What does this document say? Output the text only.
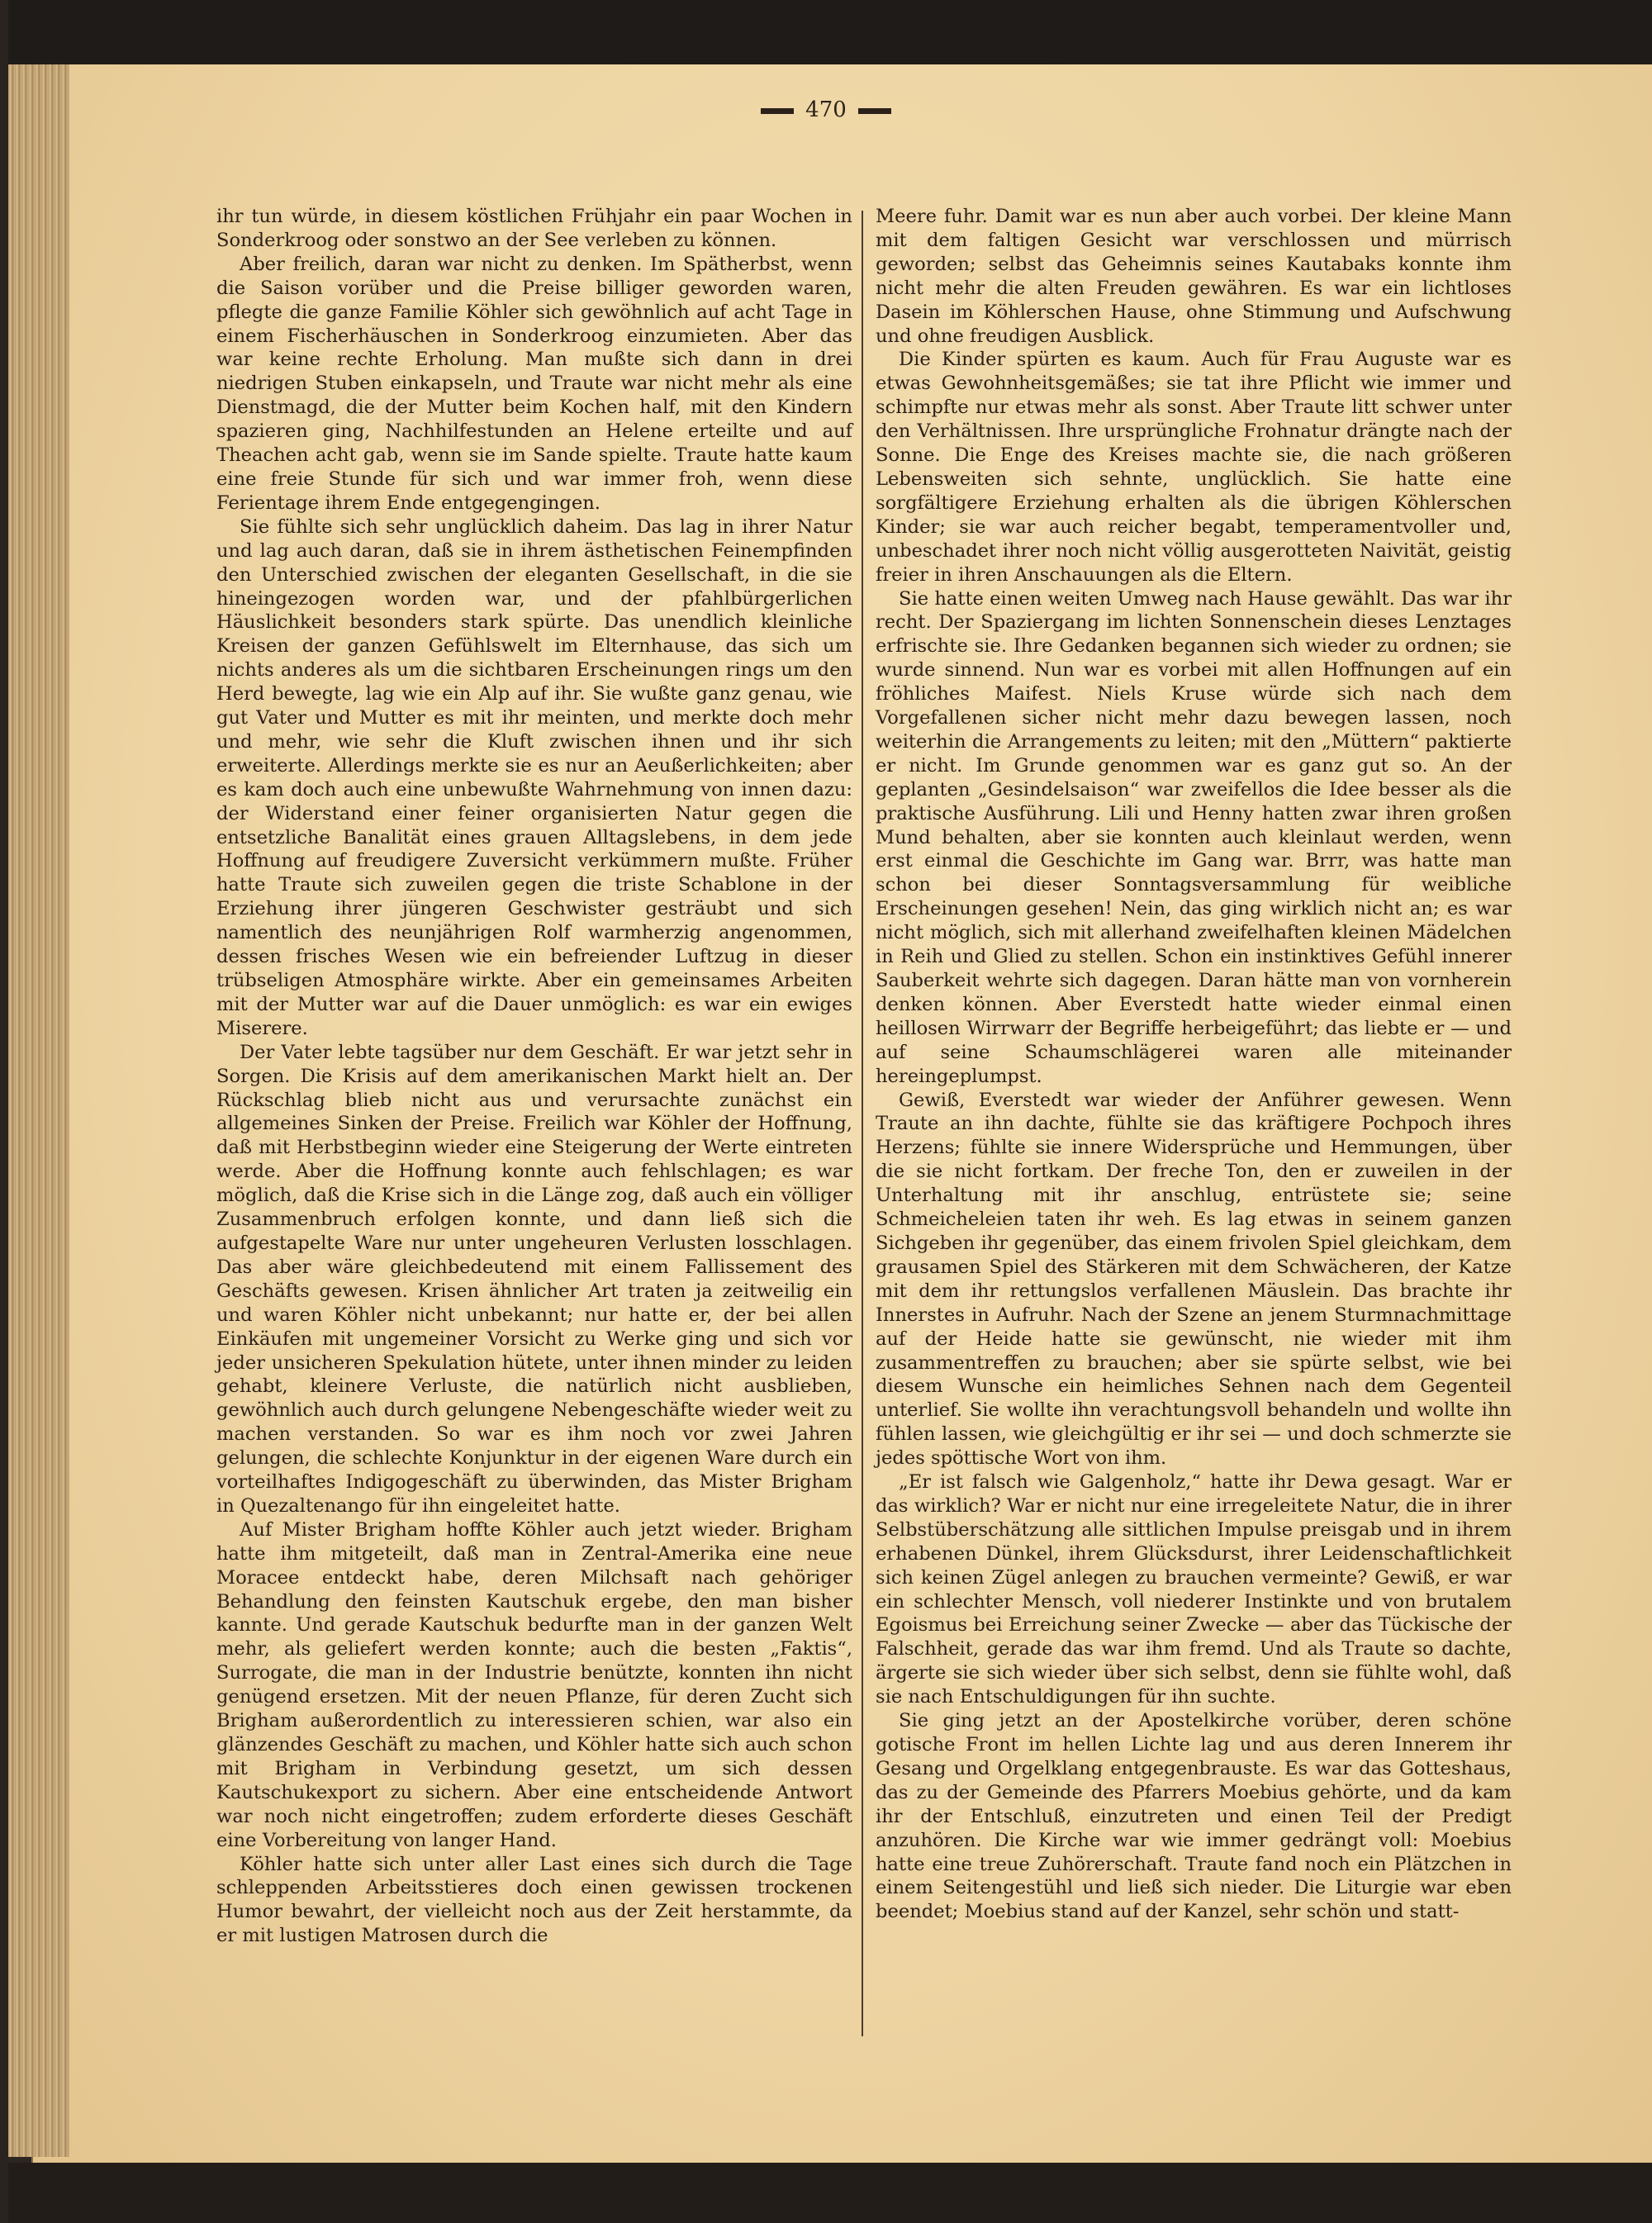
470

ihr tun würde, in diesem köstlichen Frühjahr ein paar Wochen in Sonderkroog oder sonstwo an der See verleben zu können.

Aber freilich, daran war nicht zu denken. Im Spätherbst, wenn die Saison vorüber und die Preise billiger geworden waren, pflegte die ganze Familie Köhler sich gewöhnlich auf acht Tage in einem Fischerhäuschen in Sonderkroog einzumieten. Aber das war keine rechte Erholung. Man mußte sich dann in drei niedrigen Stuben einkapseln, und Traute war nicht mehr als eine Dienstmagd, die der Mutter beim Kochen half, mit den Kindern spazieren ging, Nachhilfestunden an Helene erteilte und auf Theachen acht gab, wenn sie im Sande spielte. Traute hatte kaum eine freie Stunde für sich und war immer froh, wenn diese Ferientage ihrem Ende entgegengingen.

Sie fühlte sich sehr unglücklich daheim. Das lag in ihrer Natur und lag auch daran, daß sie in ihrem ästhetischen Feinempfinden den Unterschied zwischen der eleganten Gesellschaft, in die sie hineingezogen worden war, und der pfahlbürgerlichen Häuslichkeit besonders stark spürte. Das unendlich kleinliche Kreisen der ganzen Gefühlswelt im Elternhause, das sich um nichts anderes als um die sichtbaren Erscheinungen rings um den Herd bewegte, lag wie ein Alp auf ihr. Sie wußte ganz genau, wie gut Vater und Mutter es mit ihr meinten, und merkte doch mehr und mehr, wie sehr die Kluft zwischen ihnen und ihr sich erweiterte. Allerdings merkte sie es nur an Aeußerlichkeiten; aber es kam doch auch eine unbewußte Wahrnehmung von innen dazu: der Widerstand einer feiner organisierten Natur gegen die entsetzliche Banalität eines grauen Alltagslebens, in dem jede Hoffnung auf freudigere Zuversicht verkümmern mußte. Früher hatte Traute sich zuweilen gegen die triste Schablone in der Erziehung ihrer jüngeren Geschwister gesträubt und sich namentlich des neunjährigen Rolf warmherzig angenommen, dessen frisches Wesen wie ein befreiender Luftzug in dieser trübseligen Atmosphäre wirkte. Aber ein gemeinsames Arbeiten mit der Mutter war auf die Dauer unmöglich: es war ein ewiges Miserere.

Der Vater lebte tagsüber nur dem Geschäft. Er war jetzt sehr in Sorgen. Die Krisis auf dem amerikanischen Markt hielt an. Der Rückschlag blieb nicht aus und verursachte zunächst ein allgemeines Sinken der Preise. Freilich war Köhler der Hoffnung, daß mit Herbstbeginn wieder eine Steigerung der Werte eintreten werde. Aber die Hoffnung konnte auch fehlschlagen; es war möglich, daß die Krise sich in die Länge zog, daß auch ein völliger Zusammenbruch erfolgen konnte, und dann ließ sich die aufgestapelte Ware nur unter ungeheuren Verlusten losschlagen. Das aber wäre gleichbedeutend mit einem Fallissement des Geschäfts gewesen. Krisen ähnlicher Art traten ja zeitweilig ein und waren Köhler nicht unbekannt; nur hatte er, der bei allen Einkäufen mit ungemeiner Vorsicht zu Werke ging und sich vor jeder unsicheren Spekulation hütete, unter ihnen minder zu leiden gehabt, kleinere Verluste, die natürlich nicht ausblieben, gewöhnlich auch durch gelungene Nebengeschäfte wieder weit zu machen verstanden. So war es ihm noch vor zwei Jahren gelungen, die schlechte Konjunktur in der eigenen Ware durch ein vorteilhaftes Indigogeschäft zu überwinden, das Mister Brigham in Quezaltenango für ihn eingeleitet hatte.

Auf Mister Brigham hoffte Köhler auch jetzt wieder. Brigham hatte ihm mitgeteilt, daß man in Zentral-Amerika eine neue Moracee entdeckt habe, deren Milchsaft nach gehöriger Behandlung den feinsten Kautschuk ergebe, den man bisher kannte. Und gerade Kautschuk bedurfte man in der ganzen Welt mehr, als geliefert werden konnte; auch die besten „Faktis“, Surrogate, die man in der Industrie benützte, konnten ihn nicht genügend ersetzen. Mit der neuen Pflanze, für deren Zucht sich Brigham außerordentlich zu interessieren schien, war also ein glänzendes Geschäft zu machen, und Köhler hatte sich auch schon mit Brigham in Verbindung gesetzt, um sich dessen Kautschukexport zu sichern. Aber eine entscheidende Antwort war noch nicht eingetroffen; zudem erforderte dieses Geschäft eine Vorbereitung von langer Hand.

Köhler hatte sich unter aller Last eines sich durch die Tage schleppenden Arbeitsstieres doch einen gewissen trockenen Humor bewahrt, der vielleicht noch aus der Zeit herstammte, da er mit lustigen Matrosen durch die

Meere fuhr. Damit war es nun aber auch vorbei. Der kleine Mann mit dem faltigen Gesicht war verschlossen und mürrisch geworden; selbst das Geheimnis seines Kautabaks konnte ihm nicht mehr die alten Freuden gewähren. Es war ein lichtloses Dasein im Köhlerschen Hause, ohne Stimmung und Aufschwung und ohne freudigen Ausblick.

Die Kinder spürten es kaum. Auch für Frau Auguste war es etwas Gewohnheitsgemäßes; sie tat ihre Pflicht wie immer und schimpfte nur etwas mehr als sonst. Aber Traute litt schwer unter den Verhältnissen. Ihre ursprüngliche Frohnatur drängte nach der Sonne. Die Enge des Kreises machte sie, die nach größeren Lebensweiten sich sehnte, unglücklich. Sie hatte eine sorgfältigere Erziehung erhalten als die übrigen Köhlerschen Kinder; sie war auch reicher begabt, temperamentvoller und, unbeschadet ihrer noch nicht völlig ausgerotteten Naivität, geistig freier in ihren Anschauungen als die Eltern.

Sie hatte einen weiten Umweg nach Hause gewählt. Das war ihr recht. Der Spaziergang im lichten Sonnenschein dieses Lenztages erfrischte sie. Ihre Gedanken begannen sich wieder zu ordnen; sie wurde sinnend. Nun war es vorbei mit allen Hoffnungen auf ein fröhliches Maifest. Niels Kruse würde sich nach dem Vorgefallenen sicher nicht mehr dazu bewegen lassen, noch weiterhin die Arrangements zu leiten; mit den „Müttern“ paktierte er nicht. Im Grunde genommen war es ganz gut so. An der geplanten „Gesindelsaison“ war zweifellos die Idee besser als die praktische Ausführung. Lili und Henny hatten zwar ihren großen Mund behalten, aber sie konnten auch kleinlaut werden, wenn erst einmal die Geschichte im Gang war. Brrr, was hatte man schon bei dieser Sonntagsversammlung für weibliche Erscheinungen gesehen! Nein, das ging wirklich nicht an; es war nicht möglich, sich mit allerhand zweifelhaften kleinen Mädelchen in Reih und Glied zu stellen. Schon ein instinktives Gefühl innerer Sauberkeit wehrte sich dagegen. Daran hätte man von vornherein denken können. Aber Everstedt hatte wieder einmal einen heillosen Wirrwarr der Begriffe herbeigeführt; das liebte er — und auf seine Schaumschlägerei waren alle miteinander hereingeplumpst.

Gewiß, Everstedt war wieder der Anführer gewesen. Wenn Traute an ihn dachte, fühlte sie das kräftigere Pochpoch ihres Herzens; fühlte sie innere Widersprüche und Hemmungen, über die sie nicht fortkam. Der freche Ton, den er zuweilen in der Unterhaltung mit ihr anschlug, entrüstete sie; seine Schmeicheleien taten ihr weh. Es lag etwas in seinem ganzen Sichgeben ihr gegenüber, das einem frivolen Spiel gleichkam, dem grausamen Spiel des Stärkeren mit dem Schwächeren, der Katze mit dem ihr rettungslos verfallenen Mäuslein. Das brachte ihr Innerstes in Aufruhr. Nach der Szene an jenem Sturmnachmittage auf der Heide hatte sie gewünscht, nie wieder mit ihm zusammentreffen zu brauchen; aber sie spürte selbst, wie bei diesem Wunsche ein heimliches Sehnen nach dem Gegenteil unterlief. Sie wollte ihn verachtungsvoll behandeln und wollte ihn fühlen lassen, wie gleichgültig er ihr sei — und doch schmerzte sie jedes spöttische Wort von ihm.

„Er ist falsch wie Galgenholz,“ hatte ihr Dewa gesagt. War er das wirklich? War er nicht nur eine irregeleitete Natur, die in ihrer Selbstüberschätzung alle sittlichen Impulse preisgab und in ihrem erhabenen Dünkel, ihrem Glücksdurst, ihrer Leidenschaftlichkeit sich keinen Zügel anlegen zu brauchen vermeinte? Gewiß, er war ein schlechter Mensch, voll niederer Instinkte und von brutalem Egoismus bei Erreichung seiner Zwecke — aber das Tückische der Falschheit, gerade das war ihm fremd. Und als Traute so dachte, ärgerte sie sich wieder über sich selbst, denn sie fühlte wohl, daß sie nach Entschuldigungen für ihn suchte.

Sie ging jetzt an der Apostelkirche vorüber, deren schöne gotische Front im hellen Lichte lag und aus deren Innerem ihr Gesang und Orgelklang entgegenbrauste. Es war das Gotteshaus, das zu der Gemeinde des Pfarrers Moebius gehörte, und da kam ihr der Entschluß, einzutreten und einen Teil der Predigt anzuhören. Die Kirche war wie immer gedrängt voll: Moebius hatte eine treue Zuhörerschaft. Traute fand noch ein Plätzchen in einem Seitengestühl und ließ sich nieder. Die Liturgie war eben beendet; Moebius stand auf der Kanzel, sehr schön und statt-
